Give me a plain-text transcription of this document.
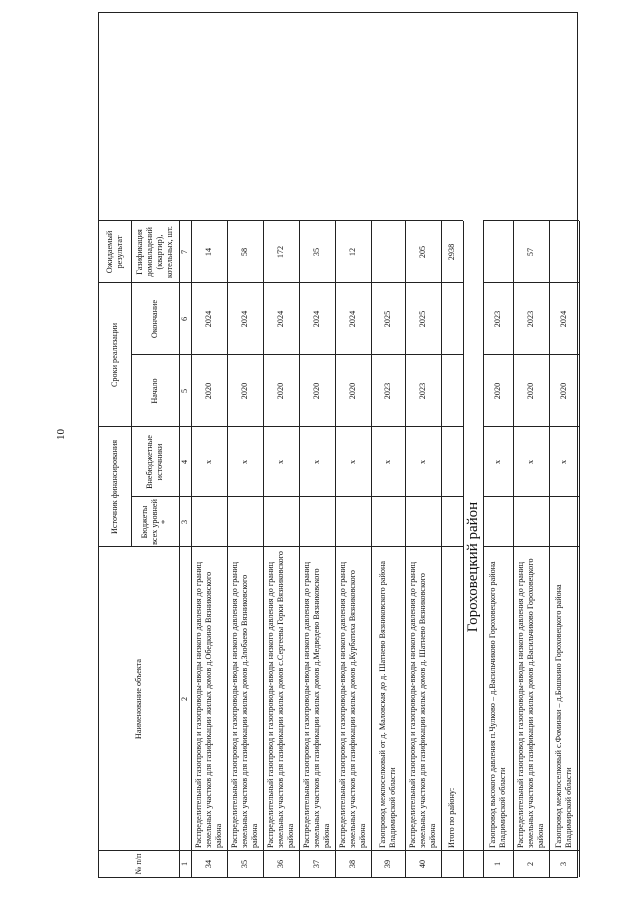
10
№ п/п
Наименование объекта
Источник финансирования	Бюджеты всех уровней *
Внебюджетные источники
Сроки реализации
Начало
Окончание
Ожидаемый результат	Газификация домовладений (квартир), котельных, шт.
1
2
3
4
5
6
7
34
Распределительный газопровод и газопроводы-вводы низкого давления до границ земельных участков для газификации жилых домов д.Обедкино Вязниковского района
х
2020
2024
14
35
Распределительный газопровод и газопроводы-вводы низкого давления до границ земельных участков для газификации жилых домов д.Злобаево Вязниковского района
х
2020
2024
58
36
Распределительный газопровод и газопроводы-вводы низкого давления до границ земельных участков для газификации жилых домов с.Сергеевы Горки Вязниковского района
х
2020
2024
172
37
Распределительный газопровод и газопроводы-вводы низкого давления до границ земельных участков для газификации жилых домов д.Медведево Вязниковского района
х
2020
2024
35
38
Распределительный газопровод и газопроводы-вводы низкого давления до границ земельных участков для газификации жилых домов д.Курбатиха Вязниковского района
х
2020
2024
12
39
Газопровод межпоселковый от д. Маловская до д. Шатнево Вязниковского района Владимирской области
х
2023
2025
40
Распределительный газопровод и газопроводы-вводы низкого давления до границ земельных участков для газификации жилых домов д. Шатнево Вязниковского района
х
2023
2025
205
Итого по району:
2938
Гороховецкий район
1
Газопровод высокого давления п.Чулково – д.Васильчиково Гороховецкого района Владимирской области
х
2020
2023
2
Распределительный газопровод и газопроводы-вводы низкого давления до границ земельных участков для газификации жилых домов д.Васильчиково Гороховецкого района
х
2020
2023
57
3
Газопровод межпоселковый с.Фоминки – д.Бошкино Гороховецкого района Владимирской области
х
2020
2024
